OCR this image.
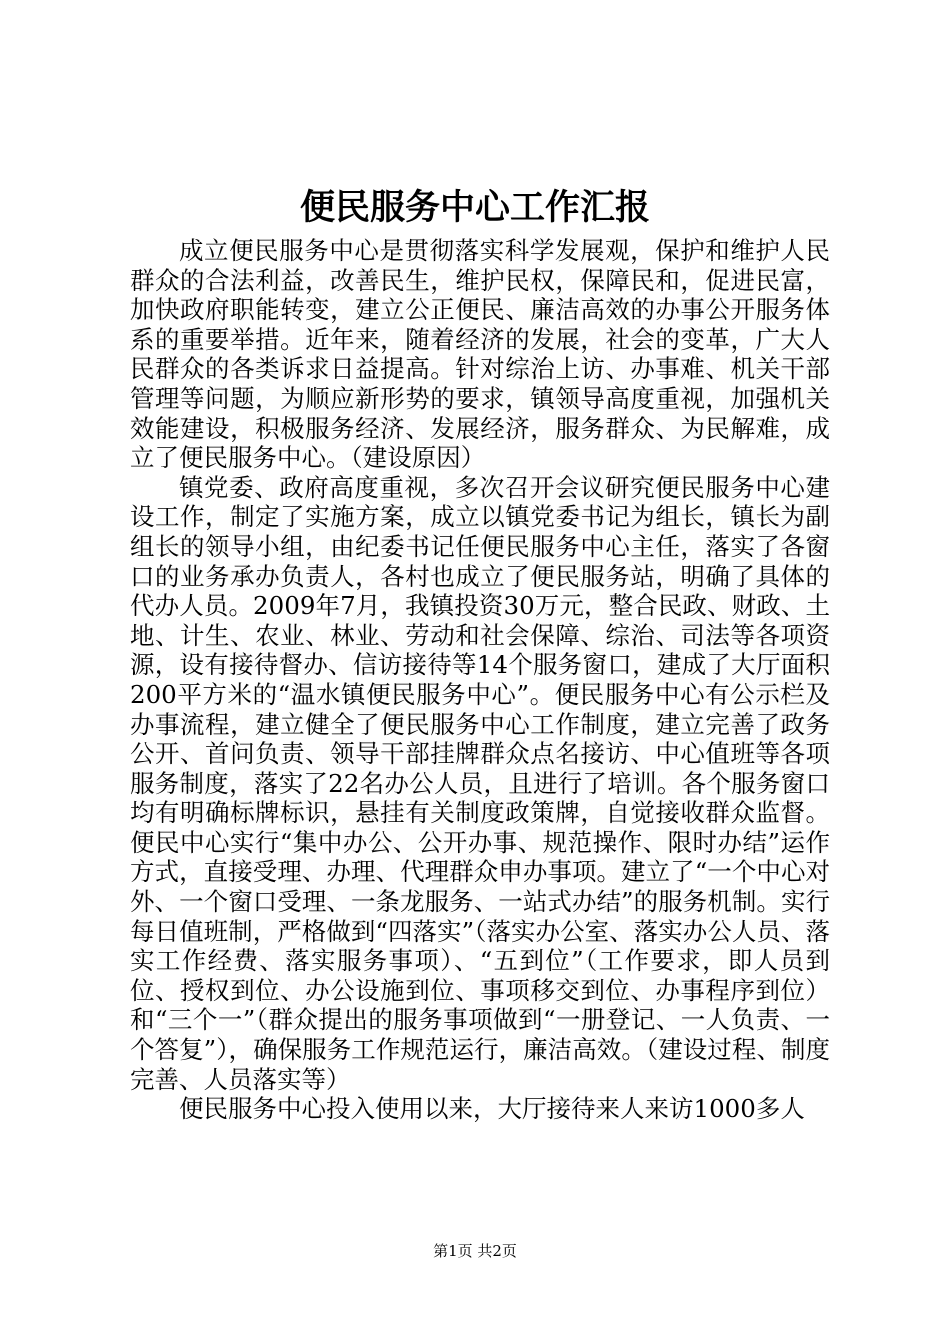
便民服务中心工作汇报

成立便民服务中心是贯彻落实科学发展观，保护和维护人民群众的合法利益，改善民生，维护民权，保障民和，促进民富，加快政府职能转变，建立公正便民、廉洁高效的办事公开服务体系的重要举措。近年来，随着经济的发展，社会的变革，广大人民群众的各类诉求日益提高。针对综治上访、办事难、机关干部管理等问题，为顺应新形势的要求，镇领导高度重视，加强机关效能建设，积极服务经济、发展经济，服务群众、为民解难，成立了便民服务中心。（建设原因）

镇党委、政府高度重视，多次召开会议研究便民服务中心建设工作，制定了实施方案，成立以镇党委书记为组长，镇长为副组长的领导小组，由纪委书记任便民服务中心主任，落实了各窗口的业务承办负责人，各村也成立了便民服务站，明确了具体的代办人员。2009年7月，我镇投资30万元，整合民政、财政、土地、计生、农业、林业、劳动和社会保障、综治、司法等各项资源，设有接待督办、信访接待等14个服务窗口，建成了大厅面积200平方米的“温水镇便民服务中心”。便民服务中心有公示栏及办事流程，建立健全了便民服务中心工作制度，建立完善了政务公开、首问负责、领导干部挂牌群众点名接访、中心值班等各项服务制度，落实了22名办公人员，且进行了培训。各个服务窗口均有明确标牌标识，悬挂有关制度政策牌，自觉接收群众监督。便民中心实行“集中办公、公开办事、规范操作、限时办结”运作方式，直接受理、办理、代理群众申办事项。建立了“一个中心对外、一个窗口受理、一条龙服务、一站式办结”的服务机制。实行每日值班制，严格做到“四落实”（落实办公室、落实办公人员、落实工作经费、落实服务事项）、“五到位”（工作要求，即人员到位、授权到位、办公设施到位、事项移交到位、办事程序到位）和“三个一”（群众提出的服务事项做到“一册登记、一人负责、一个答复”），确保服务工作规范运行，廉洁高效。（建设过程、制度完善、人员落实等）

便民服务中心投入使用以来，大厅接待来人来访1000多人

第1页 共2页
